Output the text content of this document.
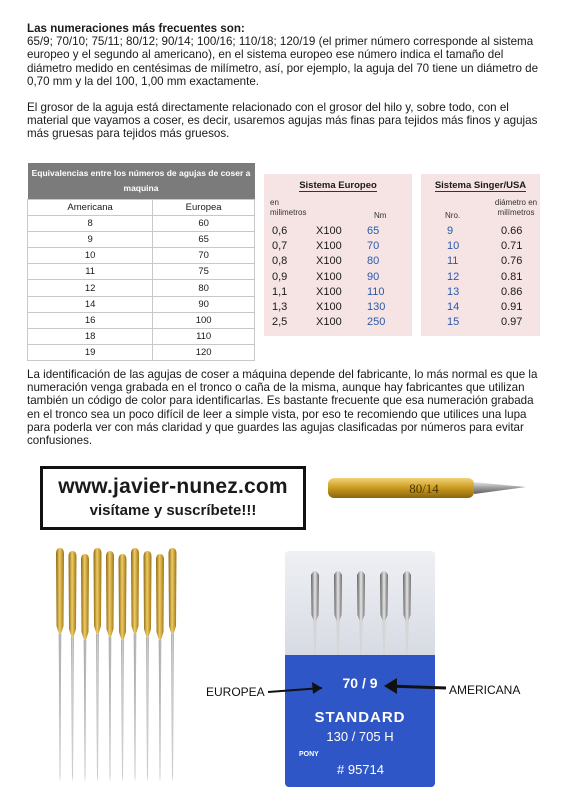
Las numeraciones más frecuentes son:
65/9; 70/10; 75/11; 80/12; 90/14; 100/16; 110/18; 120/19 (el primer número corresponde al sistema europeo y el segundo al americano), en el sistema europeo ese número indica el tamaño del diámetro medido en centésimas de milímetro, así, por ejemplo, la aguja del 70 tiene un diámetro de 0,70 mm y la del 100, 1,00 mm exactamente.
El grosor de la aguja está directamente relacionado con el grosor del hilo y, sobre todo, con el material que vayamos a coser, es decir, usaremos agujas más finas para tejidos más finos y agujas más gruesas para tejidos más gruesos.
Equivalencias entre los números de agujas de coser a maquina	
Americana	Europea
8	60
9	65
10	70
11	75
12	80
14	90
16	100
18	110
19	120
Sistema Europeo
en milimetros	Nm
0,6	X100 65
0,7	X100 70
0,8	X100 80
0,9	X100 90
1,1	X100 110
1,3	X100 130
2,5	X100 250
Sistema Singer/USA
Nro.
diámetro en milímetros
9	0.66
10	0.71
11	0.76
12	0.81
13	0.86
14	0.91
15	0.97
La identificación de las agujas de coser a máquina depende del fabricante, lo más normal es que la numeración venga grabada en el tronco o caña de la misma, aunque hay fabricantes que utilizan también un código de color para identificarlas. Es bastante frecuente que esa numeración grabada en el tronco sea un poco difícil de leer a simple vista, por eso te recomiendo que utilices una lupa para poderla ver con más claridad y que guardes las agujas clasificadas por números para evitar confusiones.
www.javier-nunez.com
visítame y suscríbete!!!
80/14
70 / 9
STANDARD
130 / 705 H
PONY
# 95714
EUROPEA	AMERICANA
